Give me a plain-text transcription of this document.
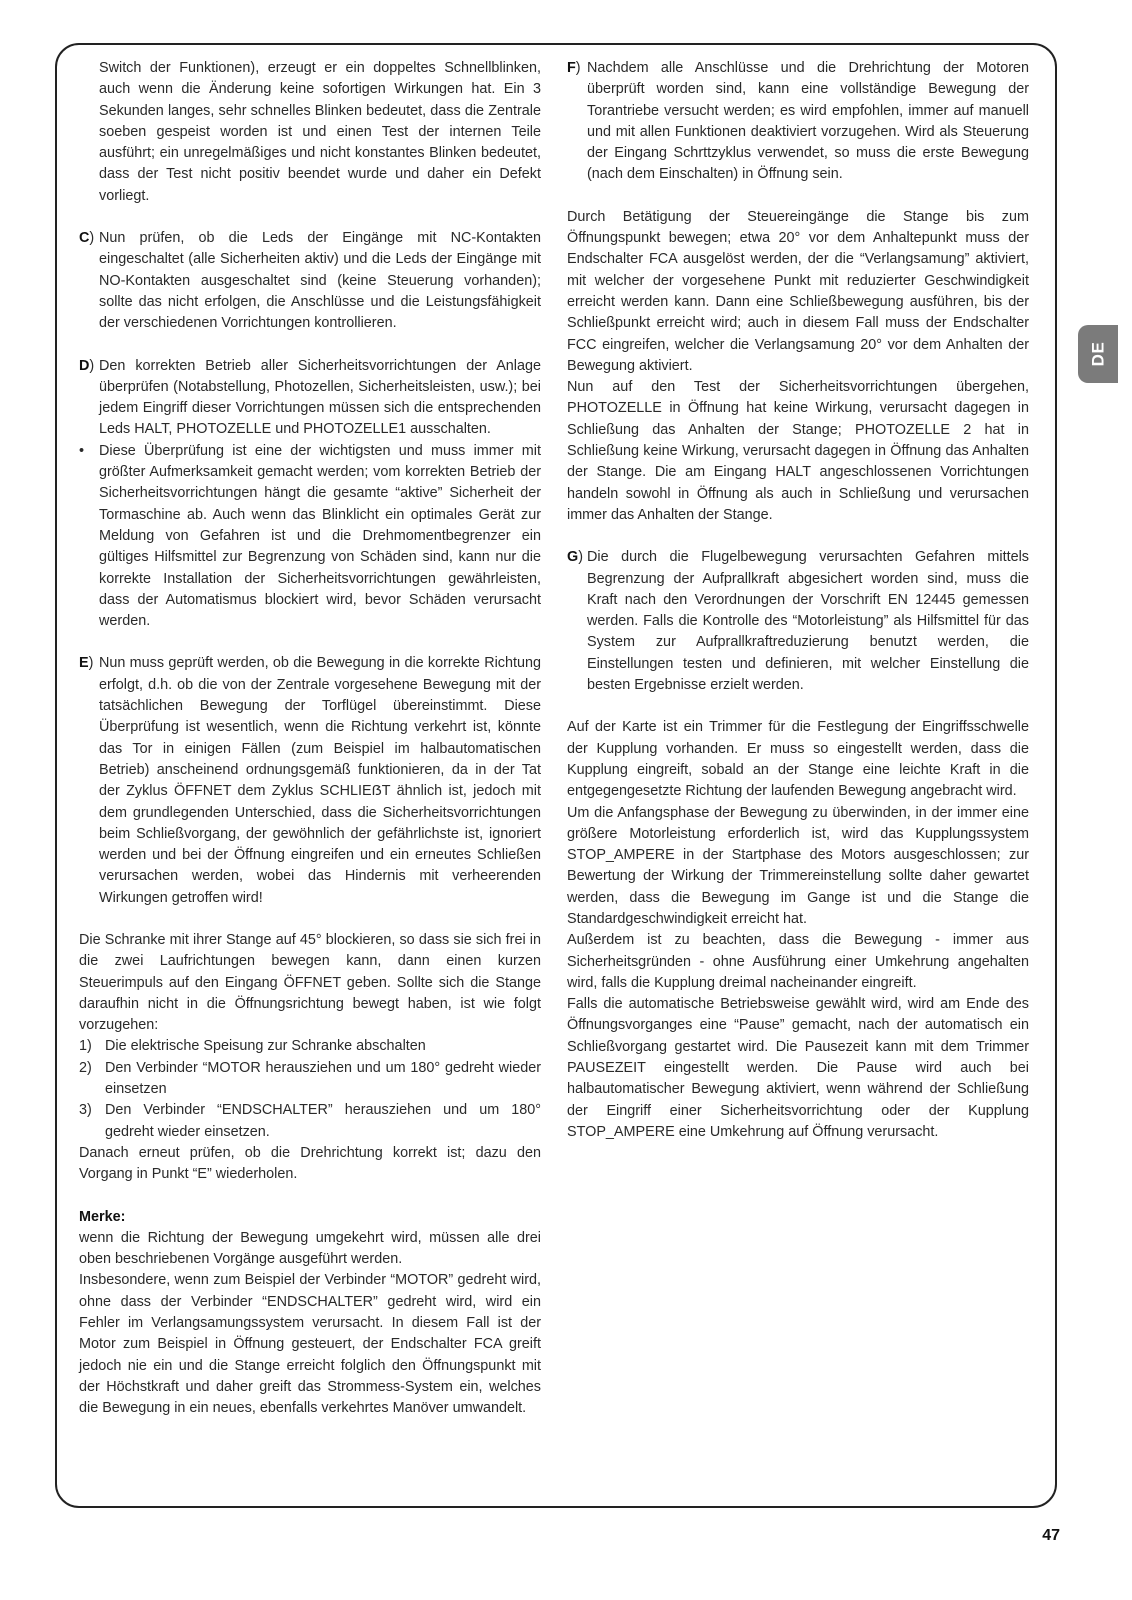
Switch der Funktionen), erzeugt er ein doppeltes Schnellblinken, auch wenn die Änderung keine sofortigen Wirkungen hat. Ein 3 Sekunden langes, sehr schnelles Blinken bedeutet, dass die Zentrale soeben gespeist worden ist und einen Test der internen Teile ausführt; ein unregelmäßiges und nicht konstantes Blinken bedeutet, dass der Test nicht positiv beendet wurde und daher ein Defekt vorliegt.

C) Nun prüfen, ob die Leds der Eingänge mit NC-Kontakten eingeschaltet (alle Sicherheiten aktiv) und die Leds der Eingänge mit NO-Kontakten ausgeschaltet sind (keine Steuerung vorhanden); sollte das nicht erfolgen, die Anschlüsse und die Leistungsfähigkeit der verschiedenen Vorrichtungen kontrollieren.
D) Den korrekten Betrieb aller Sicherheitsvorrichtungen der Anlage überprüfen (Notabstellung, Photozellen, Sicherheitsleisten, usw.); bei jedem Eingriff dieser Vorrichtungen müssen sich die entsprechenden Leds HALT, PHOTOZELLE und PHOTOZELLE1 ausschalten.
•	Diese Überprüfung ist eine der wichtigsten und muss immer mit größter Aufmerksamkeit gemacht werden; vom korrekten Betrieb der Sicherheitsvorrichtungen hängt die gesamte “aktive” Sicherheit der Tormaschine ab. Auch wenn das Blinklicht ein optimales Gerät zur Meldung von Gefahren ist und die Drehmomentbegrenzer ein gültiges Hilfsmittel zur Begrenzung von Schäden sind, kann nur die korrekte Installation der Sicherheitsvorrichtungen gewährleisten, dass der Automatismus blockiert wird, bevor Schäden verursacht werden.
E) Nun muss geprüft werden, ob die Bewegung in die korrekte Richtung erfolgt, d.h. ob die von der Zentrale vorgesehene Bewegung mit der tatsächlichen Bewegung der Torflügel übereinstimmt. Diese Überprüfung ist wesentlich, wenn die Richtung verkehrt ist, könnte das Tor in einigen Fällen (zum Beispiel im halbautomatischen Betrieb) anscheinend ordnungsgemäß funktionieren, da in der Tat der Zyklus ÖFFNET dem Zyklus SCHLIEẞT ähnlich ist, jedoch mit dem grundlegenden Unterschied, dass die Sicherheitsvorrichtungen beim Schließvorgang, der gewöhnlich der gefährlichste ist, ignoriert werden und bei der Öffnung eingreifen und ein erneutes Schließen verursachen werden, wobei das Hindernis mit verheerenden Wirkungen getroffen wird!

Die Schranke mit ihrer Stange auf 45° blockieren, so dass sie sich frei in die zwei Laufrichtungen bewegen kann, dann einen kurzen Steuerimpuls auf den Eingang ÖFFNET geben. Sollte sich die Stange daraufhin nicht in die Öffnungsrichtung bewegt haben, ist wie folgt vorzugehen:

1) Die elektrische Speisung zur Schranke abschalten
2) Den Verbinder “MOTOR herausziehen und um 180° gedreht wieder einsetzen
3) Den Verbinder “ENDSCHALTER” herausziehen und um 180° gedreht wieder einsetzen.

Danach erneut prüfen, ob die Drehrichtung korrekt ist; dazu den Vorgang in Punkt “E” wiederholen.

Merke:

wenn die Richtung der Bewegung umgekehrt wird, müssen alle drei oben beschriebenen Vorgänge ausgeführt werden.

Insbesondere, wenn zum Beispiel der Verbinder “MOTOR” gedreht wird, ohne dass der Verbinder “ENDSCHALTER” gedreht wird, wird ein Fehler im Verlangsamungssystem verursacht. In diesem Fall ist der Motor zum Beispiel in Öffnung gesteuert, der Endschalter FCA greift jedoch nie ein und die Stange erreicht folglich den Öffnungspunkt mit der Höchstkraft und daher greift das Strommess-System ein, welches die Bewegung in ein neues, ebenfalls verkehrtes Manöver umwandelt.

F) Nachdem alle Anschlüsse und die Drehrichtung der Motoren überprüft worden sind, kann eine vollständige Bewegung der Torantriebe versucht werden; es wird empfohlen, immer auf manuell und mit allen Funktionen deaktiviert vorzugehen. Wird als Steuerung der Eingang Schrttzyklus verwendet, so muss die erste Bewegung (nach dem Einschalten) in Öffnung sein.

Durch Betätigung der Steuereingänge die Stange bis zum Öffnungspunkt bewegen; etwa 20° vor dem Anhaltepunkt muss der Endschalter FCA ausgelöst werden, der die “Verlangsamung” aktiviert, mit welcher der vorgesehene Punkt mit reduzierter Geschwindigkeit erreicht werden kann. Dann eine Schließbewegung ausführen, bis der Schließpunkt erreicht wird; auch in diesem Fall muss der Endschalter FCC eingreifen, welcher die Verlangsamung 20° vor dem Anhalten der Bewegung aktiviert.

Nun auf den Test der Sicherheitsvorrichtungen übergehen, PHOTOZELLE in Öffnung hat keine Wirkung, verursacht dagegen in Schließung das Anhalten der Stange; PHOTOZELLE 2 hat in Schließung keine Wirkung, verursacht dagegen in Öffnung das Anhalten der Stange. Die am Eingang HALT angeschlossenen Vorrichtungen handeln sowohl in Öffnung als auch in Schließung und verursachen immer das Anhalten der Stange.

G) Die durch die Flugelbewegung verursachten Gefahren mittels Begrenzung der Aufprallkraft abgesichert worden sind, muss die Kraft nach den Verordnungen der Vorschrift EN 12445 gemessen werden. Falls die Kontrolle des “Motorleistung” als Hilfsmittel für das System zur Aufprallkraftreduzierung benutzt werden, die Einstellungen testen und definieren, mit welcher Einstellung die besten Ergebnisse erzielt werden.

Auf der Karte ist ein Trimmer für die Festlegung der Eingriffsschwelle der Kupplung vorhanden. Er muss so eingestellt werden, dass die Kupplung eingreift, sobald an der Stange eine leichte Kraft in die entgegengesetzte Richtung der laufenden Bewegung angebracht wird.

Um die Anfangsphase der Bewegung zu überwinden, in der immer eine größere Motorleistung erforderlich ist, wird das Kupplungssystem STOP_AMPERE in der Startphase des Motors ausgeschlossen; zur Bewertung der Wirkung der Trimmereinstellung sollte daher gewartet werden, dass die Bewegung im Gange ist und die Stange die Standardgeschwindigkeit erreicht hat.

Außerdem ist zu beachten, dass die Bewegung - immer aus Sicherheitsgründen - ohne Ausführung einer Umkehrung angehalten wird, falls die Kupplung dreimal nacheinander eingreift.

Falls die automatische Betriebsweise gewählt wird, wird am Ende des Öffnungsvorganges eine “Pause” gemacht, nach der automatisch ein Schließvorgang gestartet wird. Die Pausezeit kann mit dem Trimmer PAUSEZEIT eingestellt werden. Die Pause wird auch bei halbautomatischer Bewegung aktiviert, wenn während der Schließung der Eingriff einer Sicherheitsvorrichtung oder der Kupplung STOP_AMPERE eine Umkehrung auf Öffnung verursacht.

DE
47
